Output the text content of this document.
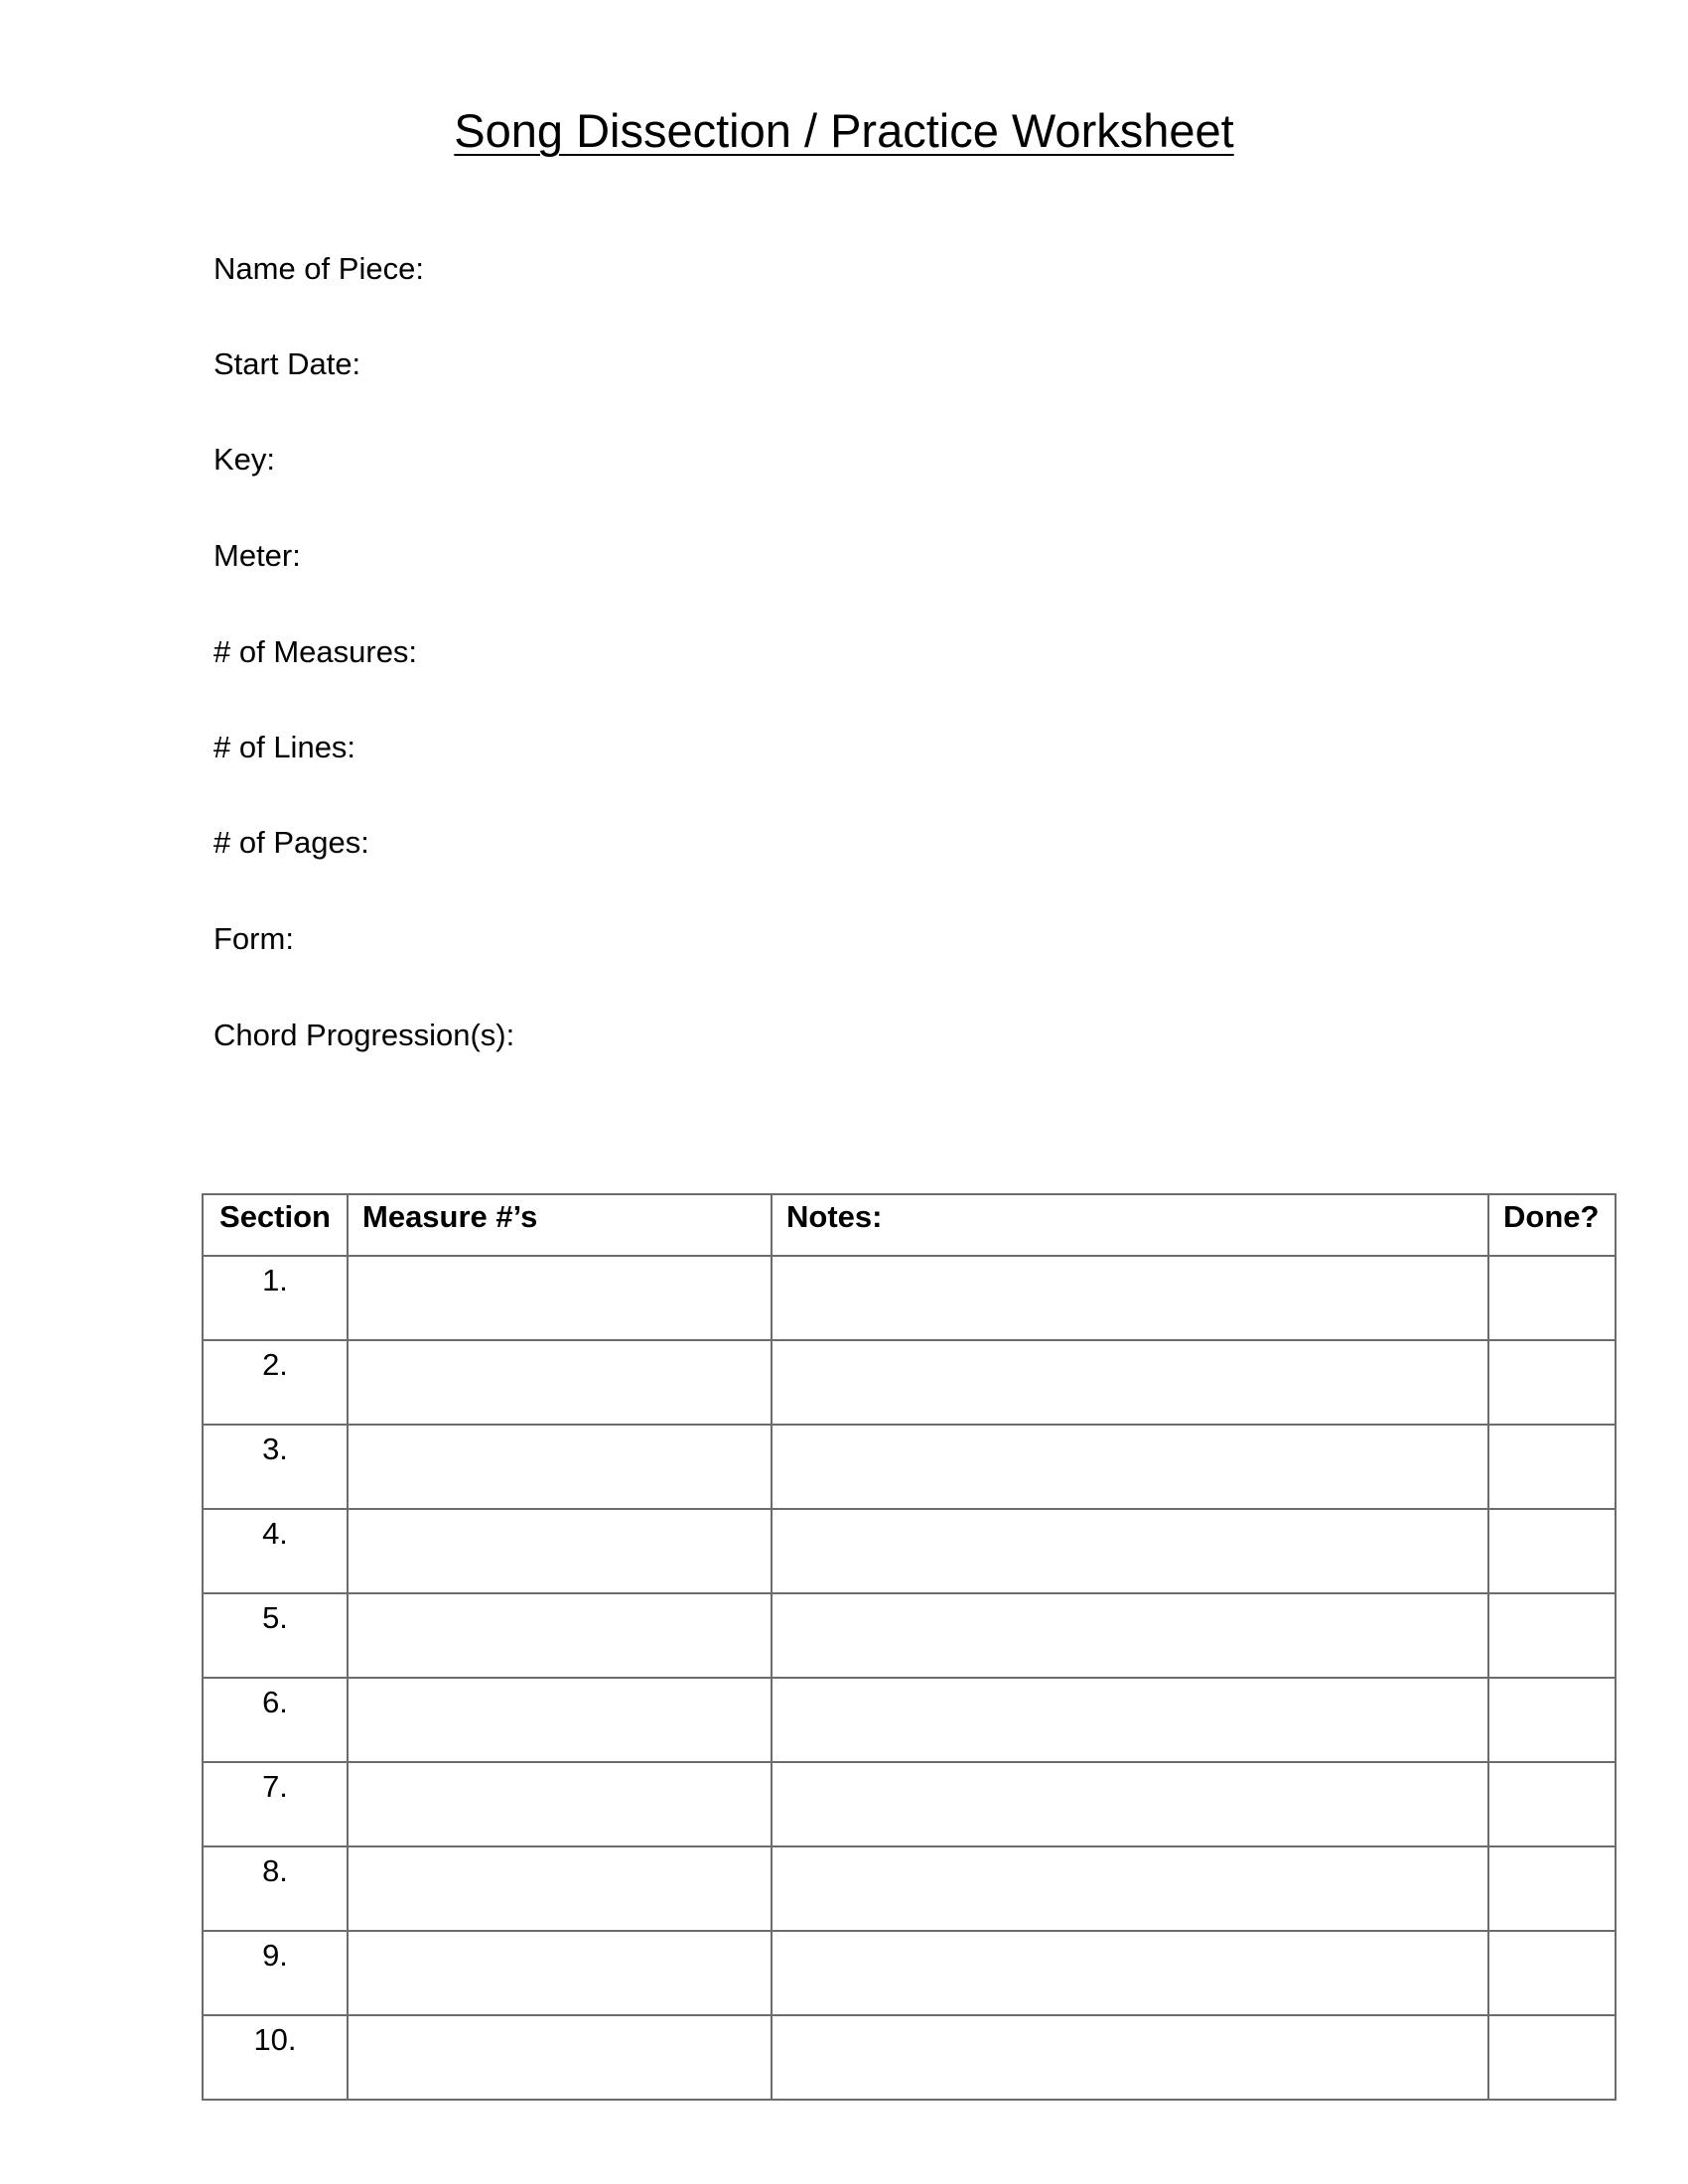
Song Dissection / Practice Worksheet
Name of Piece:
Start Date:
Key:
Meter:
# of Measures:
# of Lines:
# of Pages:
Form:
Chord Progression(s):
Section	Measure #’s	Notes:	Done?
1.			
2.			
3.			
4.			
5.			
6.			
7.			
8.			
9.			
10.			
